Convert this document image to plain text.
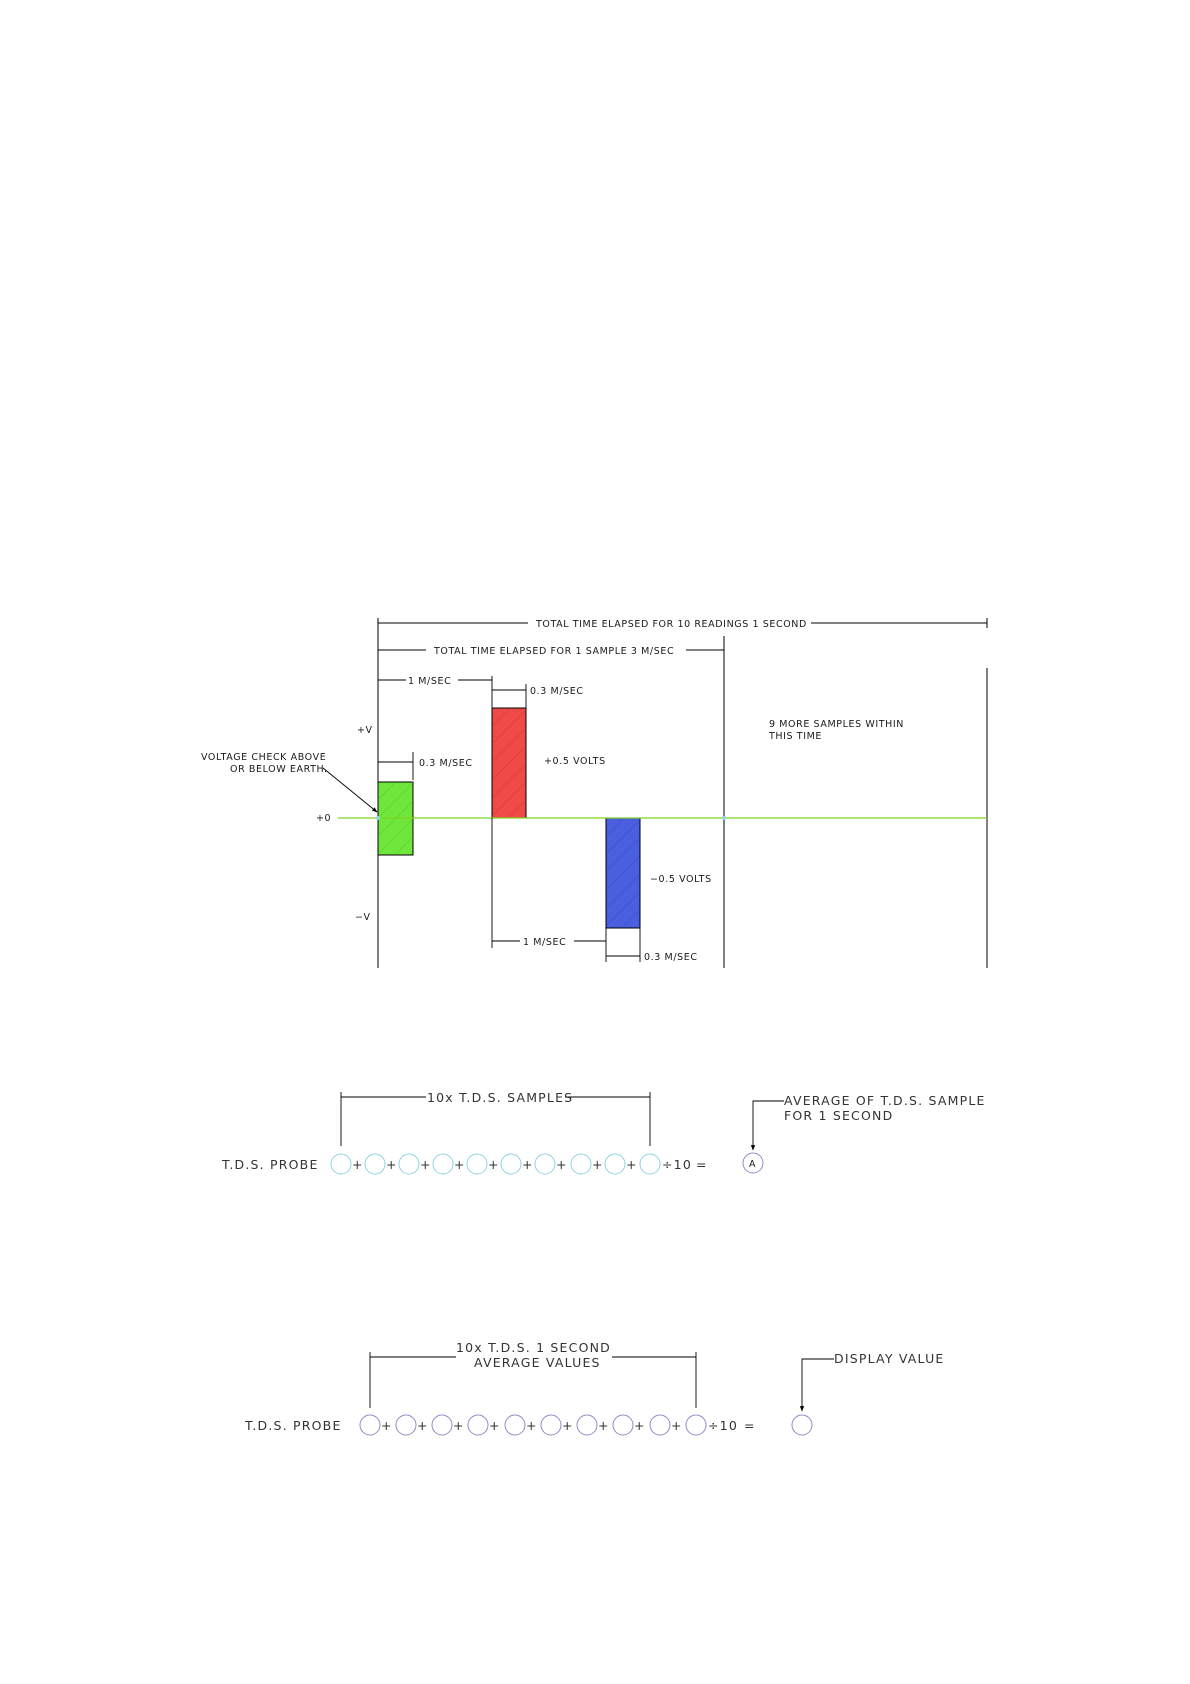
TOTAL TIME ELAPSED FOR 10 READINGS 1 SECOND
TOTAL TIME ELAPSED FOR 1 SAMPLE 3 M/SEC
1 M/SEC
0.3 M/SEC
0.3 M/SEC
+V
−V
+0
VOLTAGE CHECK ABOVE
OR BELOW EARTH.
+0.5 VOLTS
−0.5 VOLTS
9 MORE SAMPLES WITHIN
THIS TIME
1 M/SEC
0.3 M/SEC
10x T.D.S. SAMPLES
T.D.S. PROBE	+ + + + + + + + + ÷10 =	A
AVERAGE OF T.D.S. SAMPLE
FOR 1 SECOND
10x T.D.S. 1 SECOND
AVERAGE VALUES
T.D.S. PROBE	+ + + + + + + + + ÷10 =
DISPLAY VALUE
